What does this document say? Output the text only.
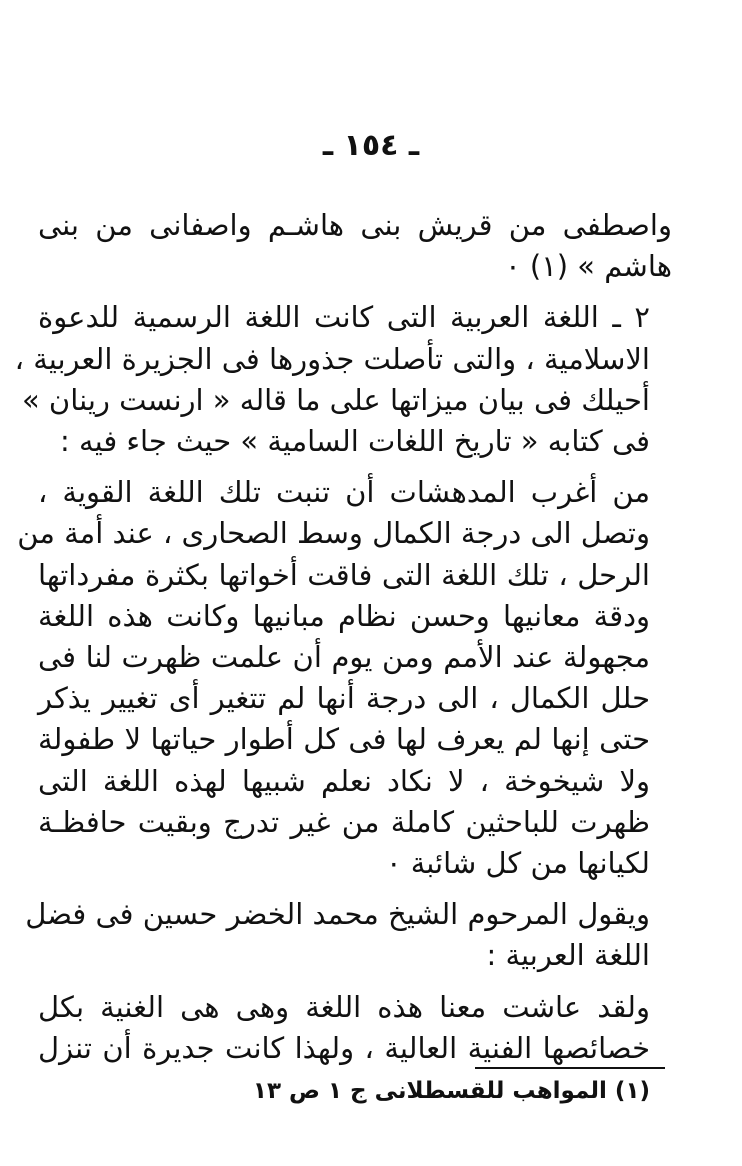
ـ ١٥٤ ـ

واصطفى من قريش بنى هاشـم واصفانى من بنى
هاشم » (١) ٠

٢ ـ اللغة العربية التى كانت اللغة الرسمية للدعوة
الاسلامية ، والتى تأصلت جذورها فى الجزيرة العربية ،
أحيلك فى بيان ميزاتها على ما قاله « ارنست رينان »
فى كتابه « تاريخ اللغات السامية » حيث جاء فيه :

من أغرب المدهشات أن تنبت تلك اللغة القوية ،
وتصل الى درجة الكمال وسط الصحارى ، عند أمة من
الرحل ، تلك اللغة التى فاقت أخواتها بكثرة مفرداتها
ودقة معانيها وحسن نظام مبانيها وكانت هذه اللغة
مجهولة عند الأمم ومن يوم أن علمت ظهرت لنا فى
حلل الكمال ، الى درجة أنها لم تتغير أى تغيير يذكر
حتى إنها لم يعرف لها فى كل أطوار حياتها لا طفولة
ولا شيخوخة ، لا نكاد نعلم شبيها لهذه اللغة التى
ظهرت للباحثين كاملة من غير تدرج وبقيت حافظـة
لكيانها من كل شائبة ٠

ويقول المرحوم الشيخ محمد الخضر حسين فى فضل
اللغة العربية :

ولقد عاشت معنا هذه اللغة وهى هى الغنية بكل
خصائصها الفنية العالية ، ولهذا كانت جديرة أن تنزل

(١) المواهب للقسطلانى ج ١ ص ١٣
